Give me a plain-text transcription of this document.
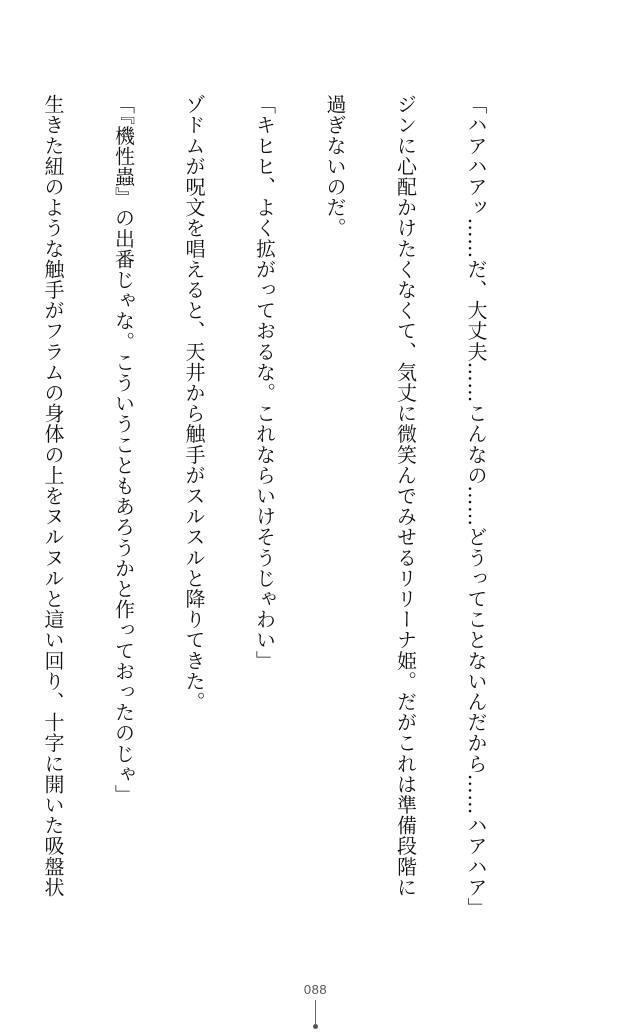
「ハアハアッ……だ、大丈夫……こんなの……どうってことないんだから……ハアハア」

ジンに心配かけたくなくて、気丈に微笑んでみせるリリーナ姫。だがこれは準備段階に

過ぎないのだ。

「キヒヒ、よく拡がっておるな。これならいけそうじゃわい」

ゾドムが呪文を唱えると、天井から触手がスルスルと降りてきた。

「『機性蟲』の出番じゃな。こういうこともあろうかと作っておったのじゃ」

生きた紐のような触手がフラムの身体の上をヌルヌルと這い回り、十字に開いた吸盤状

088
